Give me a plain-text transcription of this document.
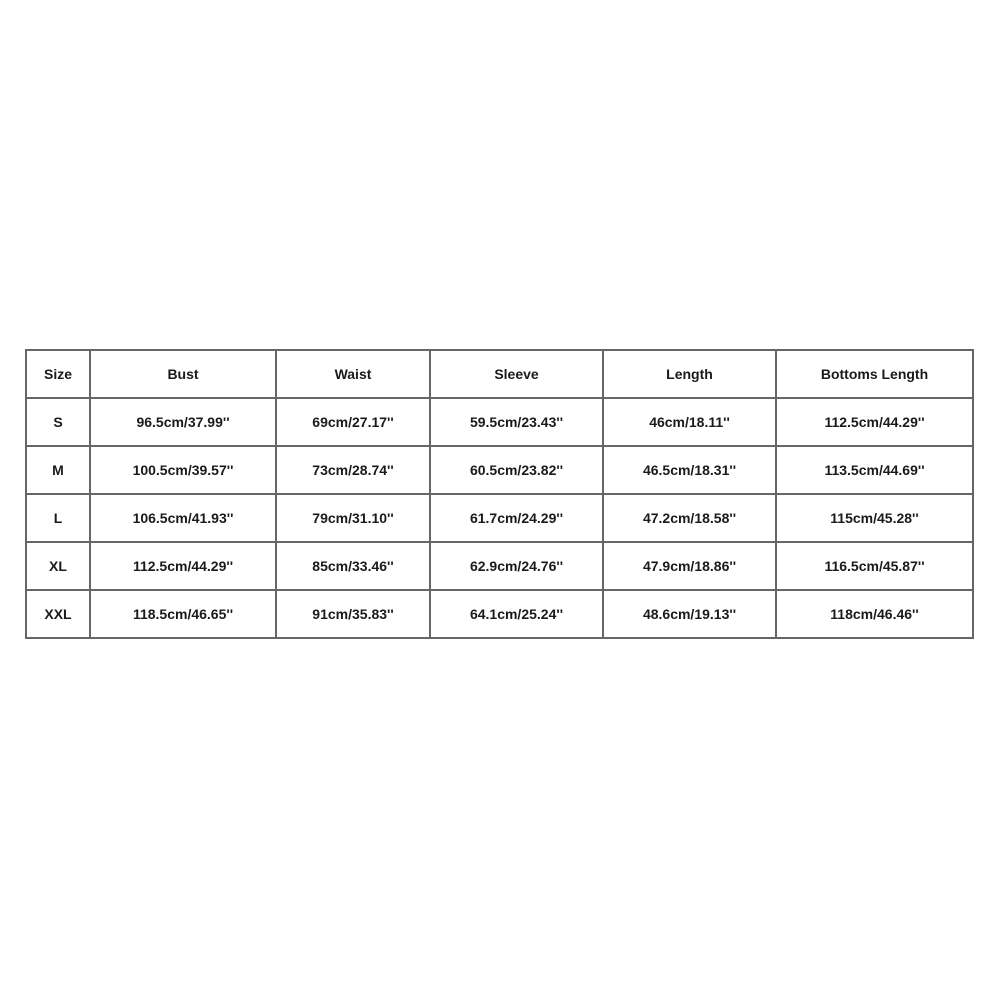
Size	Bust	Waist	Sleeve	Length	Bottoms Length
S	96.5cm/37.99''	69cm/27.17''	59.5cm/23.43''	46cm/18.11''	112.5cm/44.29''
M	100.5cm/39.57''	73cm/28.74''	60.5cm/23.82''	46.5cm/18.31''	113.5cm/44.69''
L	106.5cm/41.93''	79cm/31.10''	61.7cm/24.29''	47.2cm/18.58''	115cm/45.28''
XL	112.5cm/44.29''	85cm/33.46''	62.9cm/24.76''	47.9cm/18.86''	116.5cm/45.87''
XXL	118.5cm/46.65''	91cm/35.83''	64.1cm/25.24''	48.6cm/19.13''	118cm/46.46''
